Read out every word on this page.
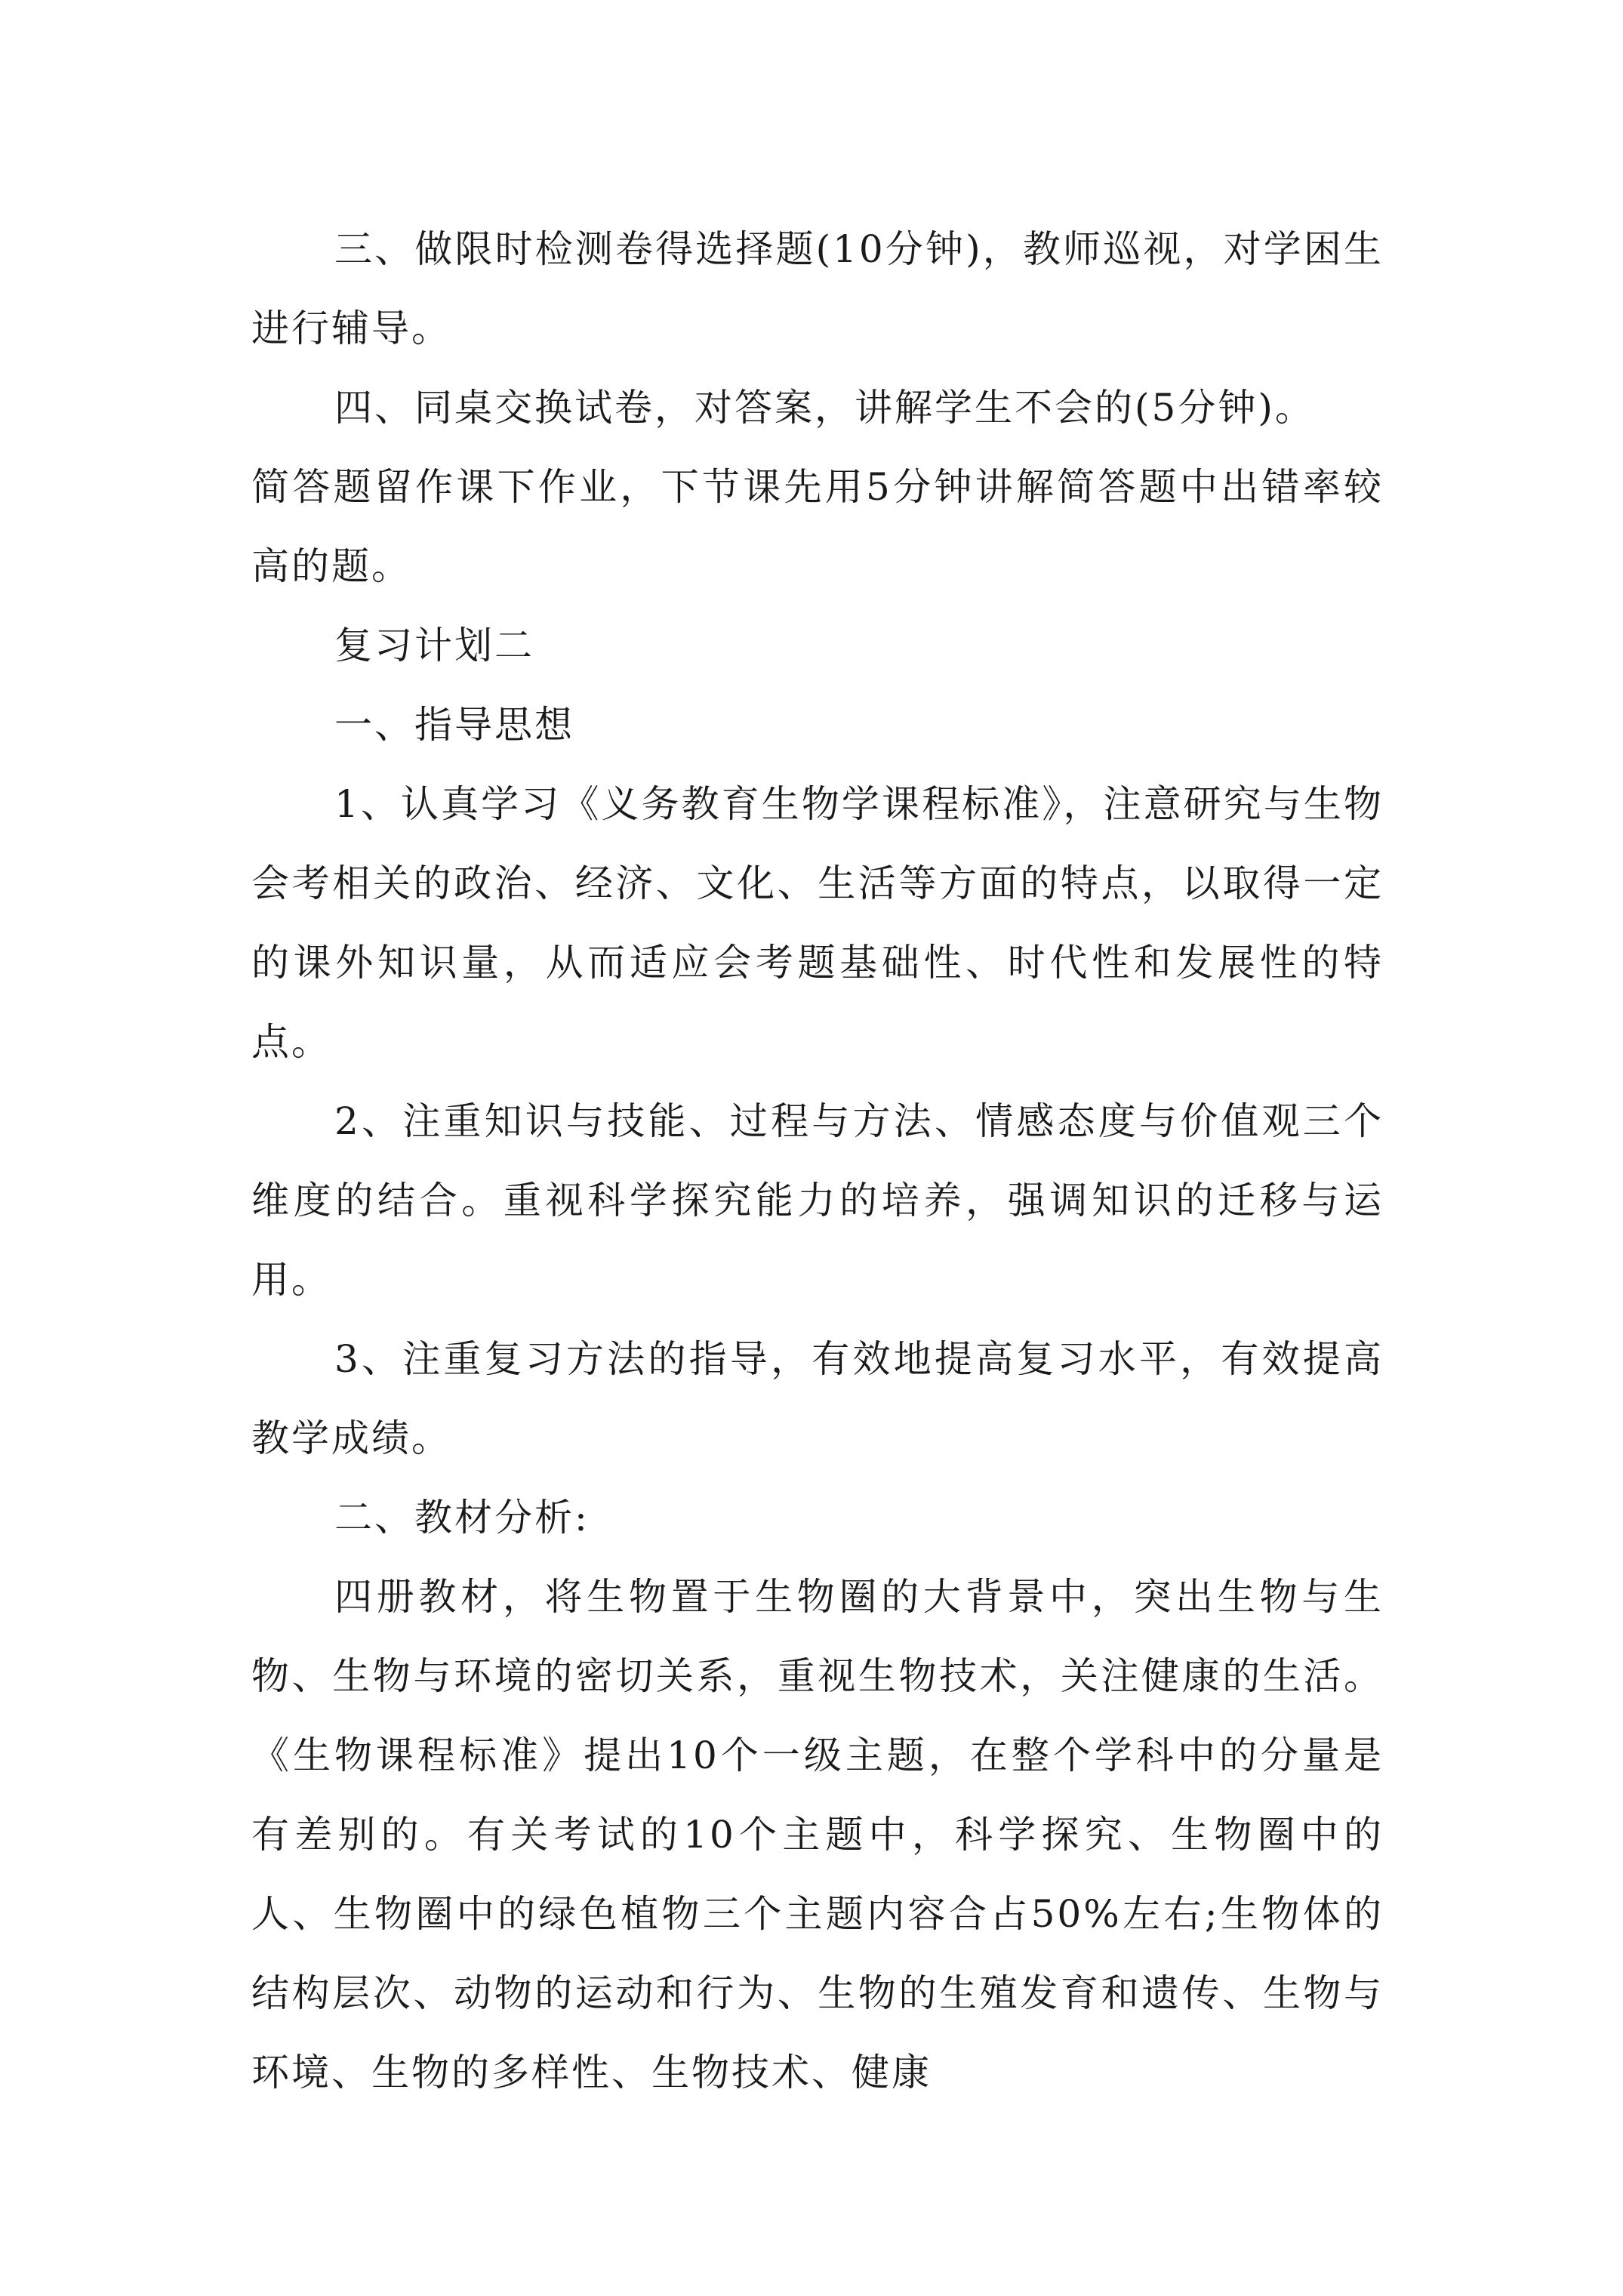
三、做限时检测卷得选择题(10分钟)，教师巡视，对学困生进行辅导。

四、同桌交换试卷，对答案，讲解学生不会的(5分钟)。

简答题留作课下作业，下节课先用5分钟讲解简答题中出错率较高的题。

复习计划二

一、指导思想

1、认真学习《义务教育生物学课程标准》，注意研究与生物会考相关的政治、经济、文化、生活等方面的特点，以取得一定的课外知识量，从而适应会考题基础性、时代性和发展性的特点。

2、注重知识与技能、过程与方法、情感态度与价值观三个维度的结合。重视科学探究能力的培养，强调知识的迁移与运用。

3、注重复习方法的指导，有效地提高复习水平，有效提高教学成绩。

二、教材分析:

四册教材，将生物置于生物圈的大背景中，突出生物与生物、生物与环境的密切关系，重视生物技术，关注健康的生活。《生物课程标准》提出10个一级主题，在整个学科中的分量是有差别的。有关考试的10个主题中，科学探究、生物圈中的人、生物圈中的绿色植物三个主题内容合占50%左右;生物体的结构层次、动物的运动和行为、生物的生殖发育和遗传、生物与环境、生物的多样性、生物技术、健康
